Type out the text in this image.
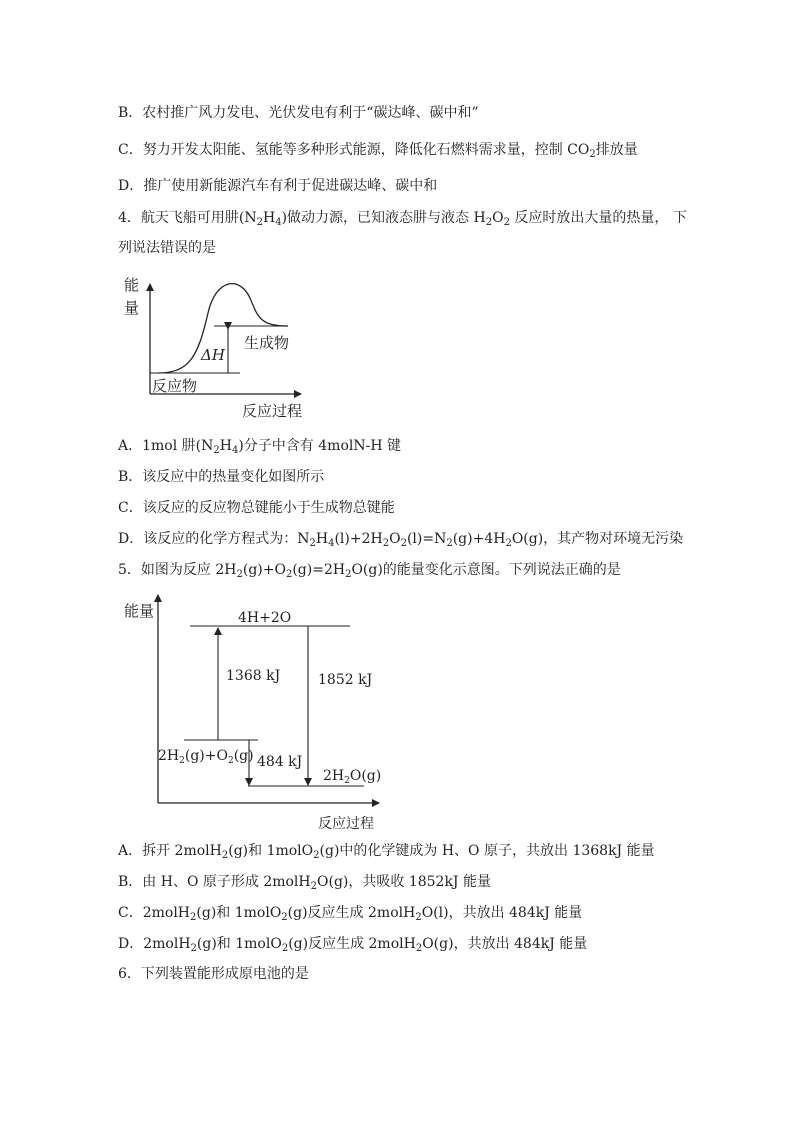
B．农村推广风力发电、光伏发电有利于“碳达峰、碳中和”
C．努力开发太阳能、氢能等多种形式能源，降低化石燃料需求量，控制 $CO_2$排放量
D．推广使用新能源汽车有利于促进碳达峰、碳中和
4．航天飞船可用肼$(N_2H_4)$做动力源，已知液态肼与液态 $H_2O_2$ 反应时放出大量的热量， 下
列说法错误的是
能
量
ΔH
生成物
反应物
反应过程
A．1mol 肼$(N_2H_4)$分子中含有 4molN-H 键
B．该反应中的热量变化如图所示
C．该反应的反应物总键能小于生成物总键能
D．该反应的化学方程式为：$N_2H_4(l)+2H_2O_2(l)=N_2(g)+4H_2O(g)$，其产物对环境无污染
5．如图为反应 $2H_2(g)+O_2(g)=2H_2O(g)$的能量变化示意图。下列说法正确的是
能量	4H+2O
1368 kJ	1852 kJ
484 kJ
$2H_2(g)+O_2(g)$
$2H_2O(g)$
反应过程
A．拆开 2molH$_2$(g)和 1molO$_2$(g)中的化学键成为 H、O 原子，共放出 1368kJ 能量
B．由 H、O 原子形成 2molH$_2$O(g)，共吸收 1852kJ 能量
C．2molH$_2$(g)和 1molO$_2$(g)反应生成 2molH$_2$O(l)，共放出 484kJ 能量
D．2molH$_2$(g)和 1molO$_2$(g)反应生成 2molH$_2$O(g)，共放出 484kJ 能量
6．下列装置能形成原电池的是
